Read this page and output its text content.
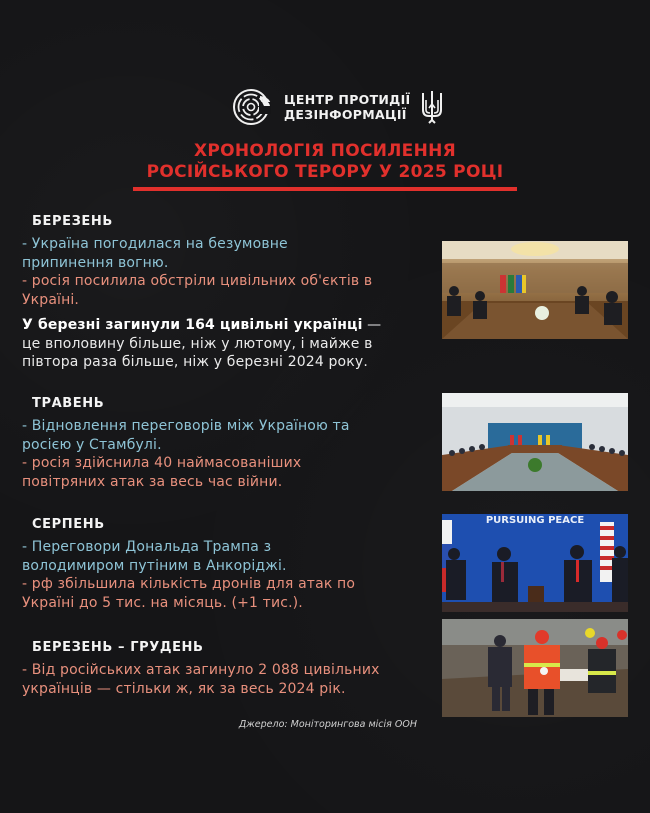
ЦЕНТР ПРОТИДІЇ
ДЕЗІНФОРМАЦІЇ
ХРОНОЛОГІЯ ПОСИЛЕННЯ
РОСІЙСЬКОГО ТЕРОРУ У 2025 РОЦІ
БЕРЕЗЕНЬ
- Україна погодилася на безумовне
припинення вогню.
- росія посилила обстріли цивільних об'єктів в
Україні.
У березні загинули 164 цивільні українці —
це вполовину більше, ніж у лютому, і майже в
півтора раза більше, ніж у березні 2024 року.
ТРАВЕНЬ
- Відновлення переговорів між Україною та
росією у Стамбулі.
- росія здійснила 40 наймасованіших
повітряних атак за весь час війни.
СЕРПЕНЬ
- Переговори Дональда Трампа з
володимиром путіним в Анкоріджі.
- рф збільшила кількість дронів для атак по
Україні до 5 тис. на місяць. (+1 тис.).
PURSUING PEACE
БЕРЕЗЕНЬ – ГРУДЕНЬ
- Від російських атак загинуло 2 088 цивільних
українців — стільки ж, як за весь 2024 рік.
Джерело: Моніторингова місія ООН
